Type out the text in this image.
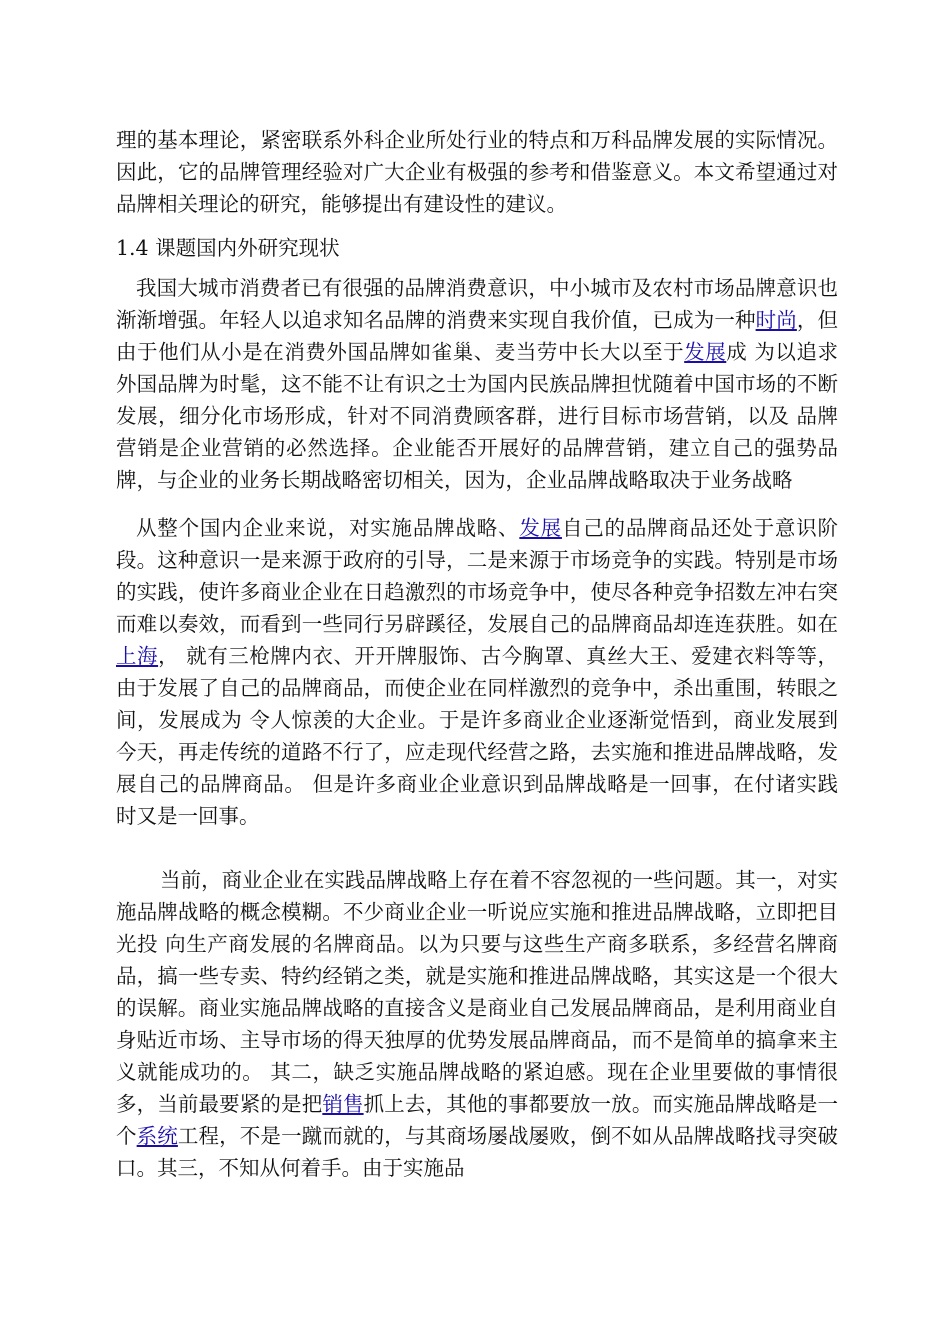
理的基本理论，紧密联系外科企业所处行业的特点和万科品牌发展的实际情况。因此，它的品牌管理经验对广大企业有极强的参考和借鉴意义。本文希望通过对品牌相关理论的研究，能够提出有建设性的建议。

1.4 课题国内外研究现状

我国大城市消费者已有很强的品牌消费意识，中小城市及农村市场品牌意识也渐渐增强。年轻人以追求知名品牌的消费来实现自我价值，已成为一种时尚，但由于他们从小是在消费外国品牌如雀巢、麦当劳中长大以至于发展成 为以追求外国品牌为时髦，这不能不让有识之士为国内民族品牌担忧随着中国市场的不断发展，细分化市场形成，针对不同消费顾客群，进行目标市场营销，以及 品牌营销是企业营销的必然选择。企业能否开展好的品牌营销，建立自己的强势品牌，与企业的业务长期战略密切相关，因为，企业品牌战略取决于业务战略

从整个国内企业来说，对实施品牌战略、发展自己的品牌商品还处于意识阶段。这种意识一是来源于政府的引导，二是来源于市场竞争的实践。特别是市场的实践，使许多商业企业在日趋激烈的市场竞争中，使尽各种竞争招数左冲右突而难以奏效，而看到一些同行另辟蹊径，发展自己的品牌商品却连连获胜。如在上海， 就有三枪牌内衣、开开牌服饰、古今胸罩、真丝大王、爱建衣料等等，由于发展了自己的品牌商品，而使企业在同样激烈的竞争中，杀出重围，转眼之间，发展成为 令人惊羡的大企业。于是许多商业企业逐渐觉悟到，商业发展到今天，再走传统的道路不行了，应走现代经营之路，去实施和推进品牌战略，发展自己的品牌商品。 但是许多商业企业意识到品牌战略是一回事，在付诸实践时又是一回事。

当前，商业企业在实践品牌战略上存在着不容忽视的一些问题。其一，对实施品牌战略的概念模糊。不少商业企业一听说应实施和推进品牌战略，立即把目光投 向生产商发展的名牌商品。以为只要与这些生产商多联系，多经营名牌商品，搞一些专卖、特约经销之类，就是实施和推进品牌战略，其实这是一个很大的误解。商业实施品牌战略的直接含义是商业自己发展品牌商品，是利用商业自身贴近市场、主导市场的得天独厚的优势发展品牌商品，而不是简单的搞拿来主义就能成功的。 其二，缺乏实施品牌战略的紧迫感。现在企业里要做的事情很多，当前最要紧的是把销售抓上去，其他的事都要放一放。而实施品牌战略是一个系统工程，不是一蹴而就的，与其商场屡战屡败，倒不如从品牌战略找寻突破口。其三，不知从何着手。由于实施品
